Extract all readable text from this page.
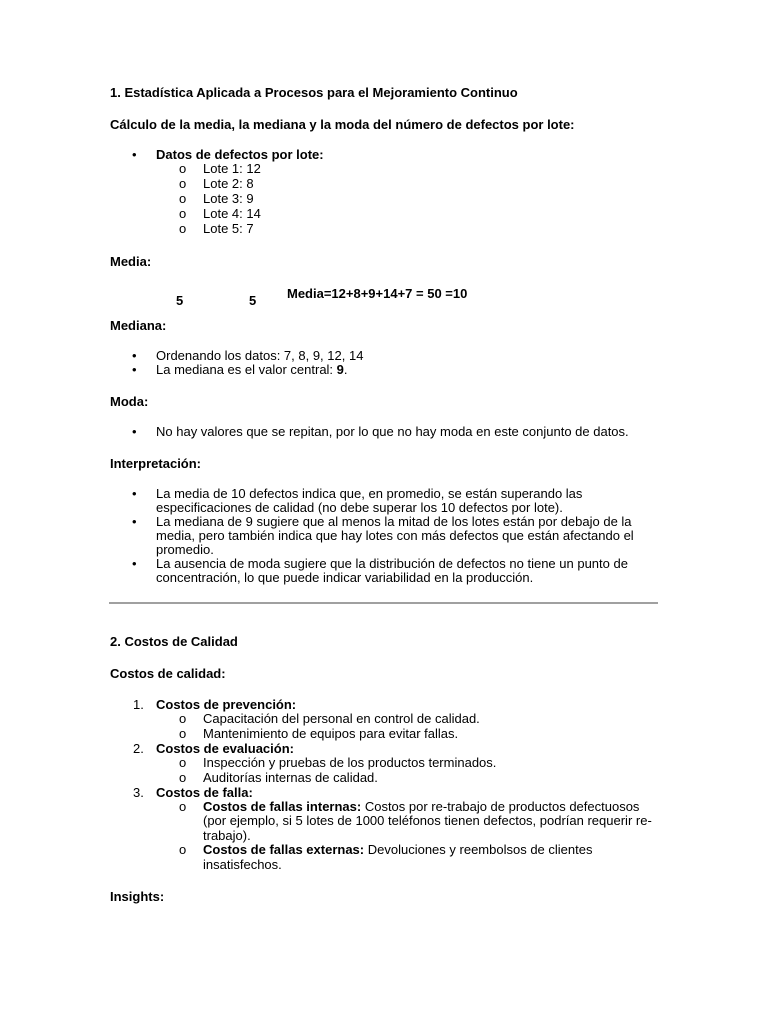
1. Estadística Aplicada a Procesos para el Mejoramiento Continuo
Cálculo de la media, la mediana y la moda del número de defectos por lote:
• Datos de defectos por lote:
o Lote 1: 12
o Lote 2: 8
o Lote 3: 9
o Lote 4: 14
o Lote 5: 7
Media:
Media=12+8+9+14+7 = 50 =10
5	5
Mediana:
• Ordenando los datos: 7, 8, 9, 12, 14
• La mediana es el valor central: 9.
Moda:
• No hay valores que se repitan, por lo que no hay moda en este conjunto de datos.
Interpretación:
• La media de 10 defectos indica que, en promedio, se están superando las
especificaciones de calidad (no debe superar los 10 defectos por lote).
• La mediana de 9 sugiere que al menos la mitad de los lotes están por debajo de la
media, pero también indica que hay lotes con más defectos que están afectando el
promedio.
• La ausencia de moda sugiere que la distribución de defectos no tiene un punto de
concentración, lo que puede indicar variabilidad en la producción.
2. Costos de Calidad
Costos de calidad:
1. Costos de prevención:
o Capacitación del personal en control de calidad.
o Mantenimiento de equipos para evitar fallas.
2. Costos de evaluación:
o Inspección y pruebas de los productos terminados.
o Auditorías internas de calidad.
3. Costos de falla:
o Costos de fallas internas: Costos por re-trabajo de productos defectuosos
(por ejemplo, si 5 lotes de 1000 teléfonos tienen defectos, podrían requerir re-
trabajo).
o Costos de fallas externas: Devoluciones y reembolsos de clientes
insatisfechos.
Insights:
